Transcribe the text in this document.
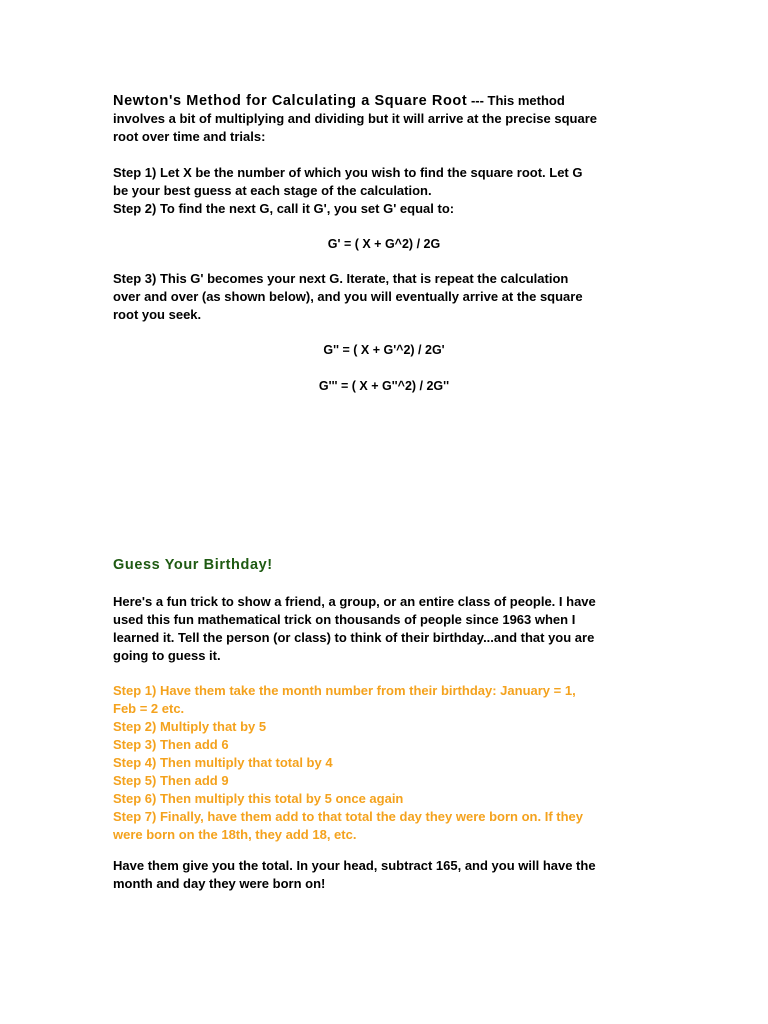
Newton's Method for Calculating a Square Root --- This method
involves a bit of multiplying and dividing but it will arrive at the precise square
root over time and trials:

Step 1) Let X be the number of which you wish to find the square root. Let G
be your best guess at each stage of the calculation.
Step 2) To find the next G, call it G', you set G' equal to:

G' = ( X + G^2) / 2G

Step 3) This G' becomes your next G. Iterate, that is repeat the calculation
over and over (as shown below), and you will eventually arrive at the square
root you seek.

G'' = ( X + G'^2) / 2G'

G''' = ( X + G''^2) / 2G''

Guess Your Birthday!

Here's a fun trick to show a friend, a group, or an entire class of people. I have
used this fun mathematical trick on thousands of people since 1963 when I
learned it. Tell the person (or class) to think of their birthday...and that you are
going to guess it.

Step 1) Have them take the month number from their birthday: January = 1,
Feb = 2 etc.
Step 2) Multiply that by 5
Step 3) Then add 6
Step 4) Then multiply that total by 4
Step 5) Then add 9
Step 6) Then multiply this total by 5 once again
Step 7) Finally, have them add to that total the day they were born on. If they
were born on the 18th, they add 18, etc.

Have them give you the total. In your head, subtract 165, and you will have the
month and day they were born on!
